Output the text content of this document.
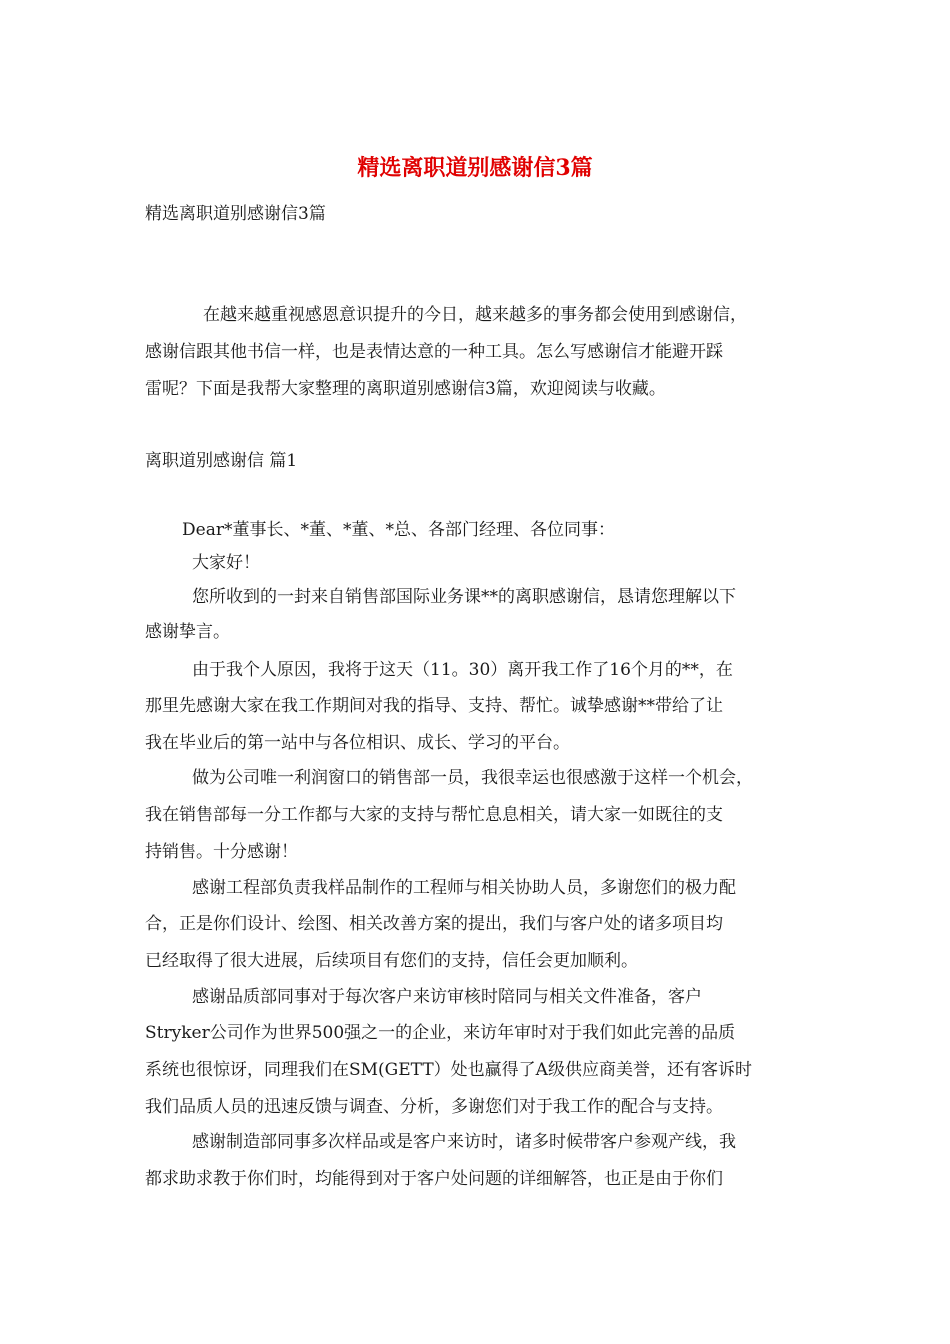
精选离职道别感谢信3篇

精选离职道别感谢信3篇

在越来越重视感恩意识提升的今日，越来越多的事务都会使用到感谢信，

感谢信跟其他书信一样，也是表情达意的一种工具。怎么写感谢信才能避开踩

雷呢？下面是我帮大家整理的离职道别感谢信3篇，欢迎阅读与收藏。

离职道别感谢信 篇1

Dear*董事长、*董、*董、*总、各部门经理、各位同事：

大家好！

您所收到的一封来自销售部国际业务课**的离职感谢信，恳请您理解以下

感谢挚言。

由于我个人原因，我将于这天（11。30）离开我工作了16个月的**，在

那里先感谢大家在我工作期间对我的指导、支持、帮忙。诚挚感谢**带给了让

我在毕业后的第一站中与各位相识、成长、学习的平台。

做为公司唯一利润窗口的销售部一员，我很幸运也很感激于这样一个机会，

我在销售部每一分工作都与大家的支持与帮忙息息相关，请大家一如既往的支

持销售。十分感谢！

感谢工程部负责我样品制作的工程师与相关协助人员，多谢您们的极力配

合，正是你们设计、绘图、相关改善方案的提出，我们与客户处的诸多项目均

已经取得了很大进展，后续项目有您们的支持，信任会更加顺利。

感谢品质部同事对于每次客户来访审核时陪同与相关文件准备，客户

Stryker公司作为世界500强之一的企业，来访年审时对于我们如此完善的品质

系统也很惊讶，同理我们在SM(GETT）处也赢得了A级供应商美誉，还有客诉时

我们品质人员的迅速反馈与调查、分析，多谢您们对于我工作的配合与支持。

感谢制造部同事多次样品或是客户来访时，诸多时候带客户参观产线，我

都求助求教于你们时，均能得到对于客户处问题的详细解答，也正是由于你们
